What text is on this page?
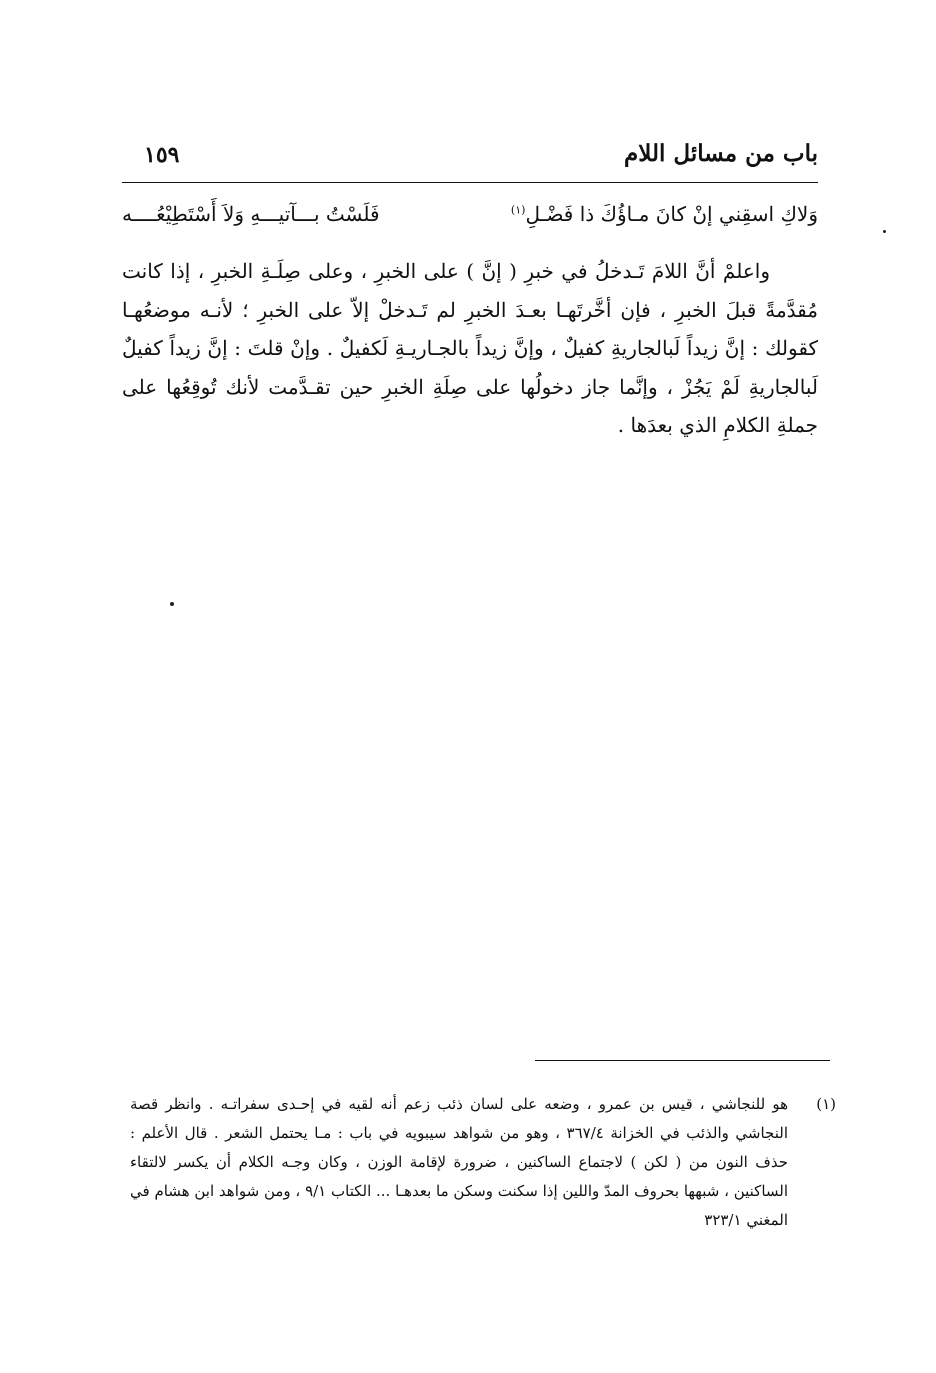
باب من مسائل اللام
١٥٩
وَلاكِ اسقِني إنْ كانَ مـاؤُكَ ذا فَضْـلِ$^{(١)}$
فَلَسْتُ بـــآتيـــهِ وَلاَ أَسْتَطِيْعُــــه

واعلمْ أنَّ اللامَ تَـدخلُ في خبرِ ( إنَّ ) على الخبرِ ، وعلى صِلَـةِ الخبرِ ، إذا كانت مُقدَّمةً قبلَ الخبرِ ، فإن أخَّرتَهـا بعـدَ الخبرِ لم تَـدخلْ إلاّ على الخبرِ ؛ لأنـه موضعُهـا كقولك : إنَّ زيداً لَبالجاريةِ كفيلٌ ، وإنَّ زيداً بالجـاريـةِ لَكفيلٌ . وإنْ قلتَ : إنَّ زيداً كفيلٌ لَبالجاريةِ لَمْ يَجُزْ ، وإنَّما جاز دخولُها على صِلَةِ الخبرِ حين تقـدَّمت لأنك تُوقِعُها على جملةِ الكلامِ الذي بعدَها .

(١)
هو للنجاشي ، قيس بن عمرو ، وضعه على لسان ذئب زعم أنه لقيه في إحـدى سفراتـه . وانظر قصة النجاشي والذئب في الخزانة ٣٦٧/٤ ، وهو من شواهد سيبويه في باب : مـا يحتمل الشعر . قال الأعلم : حذف النون من ( لكن ) لاجتماع الساكنين ، ضرورة لإقامة الوزن ، وكان وجـه الكلام أن يكسر لالتقاء الساكنين ، شبهها بحروف المدّ واللين إذا سكنت وسكن ما بعدهـا ... الكتاب ٩/١ ، ومن شواهد ابن هشام في المغني ٣٢٣/١
